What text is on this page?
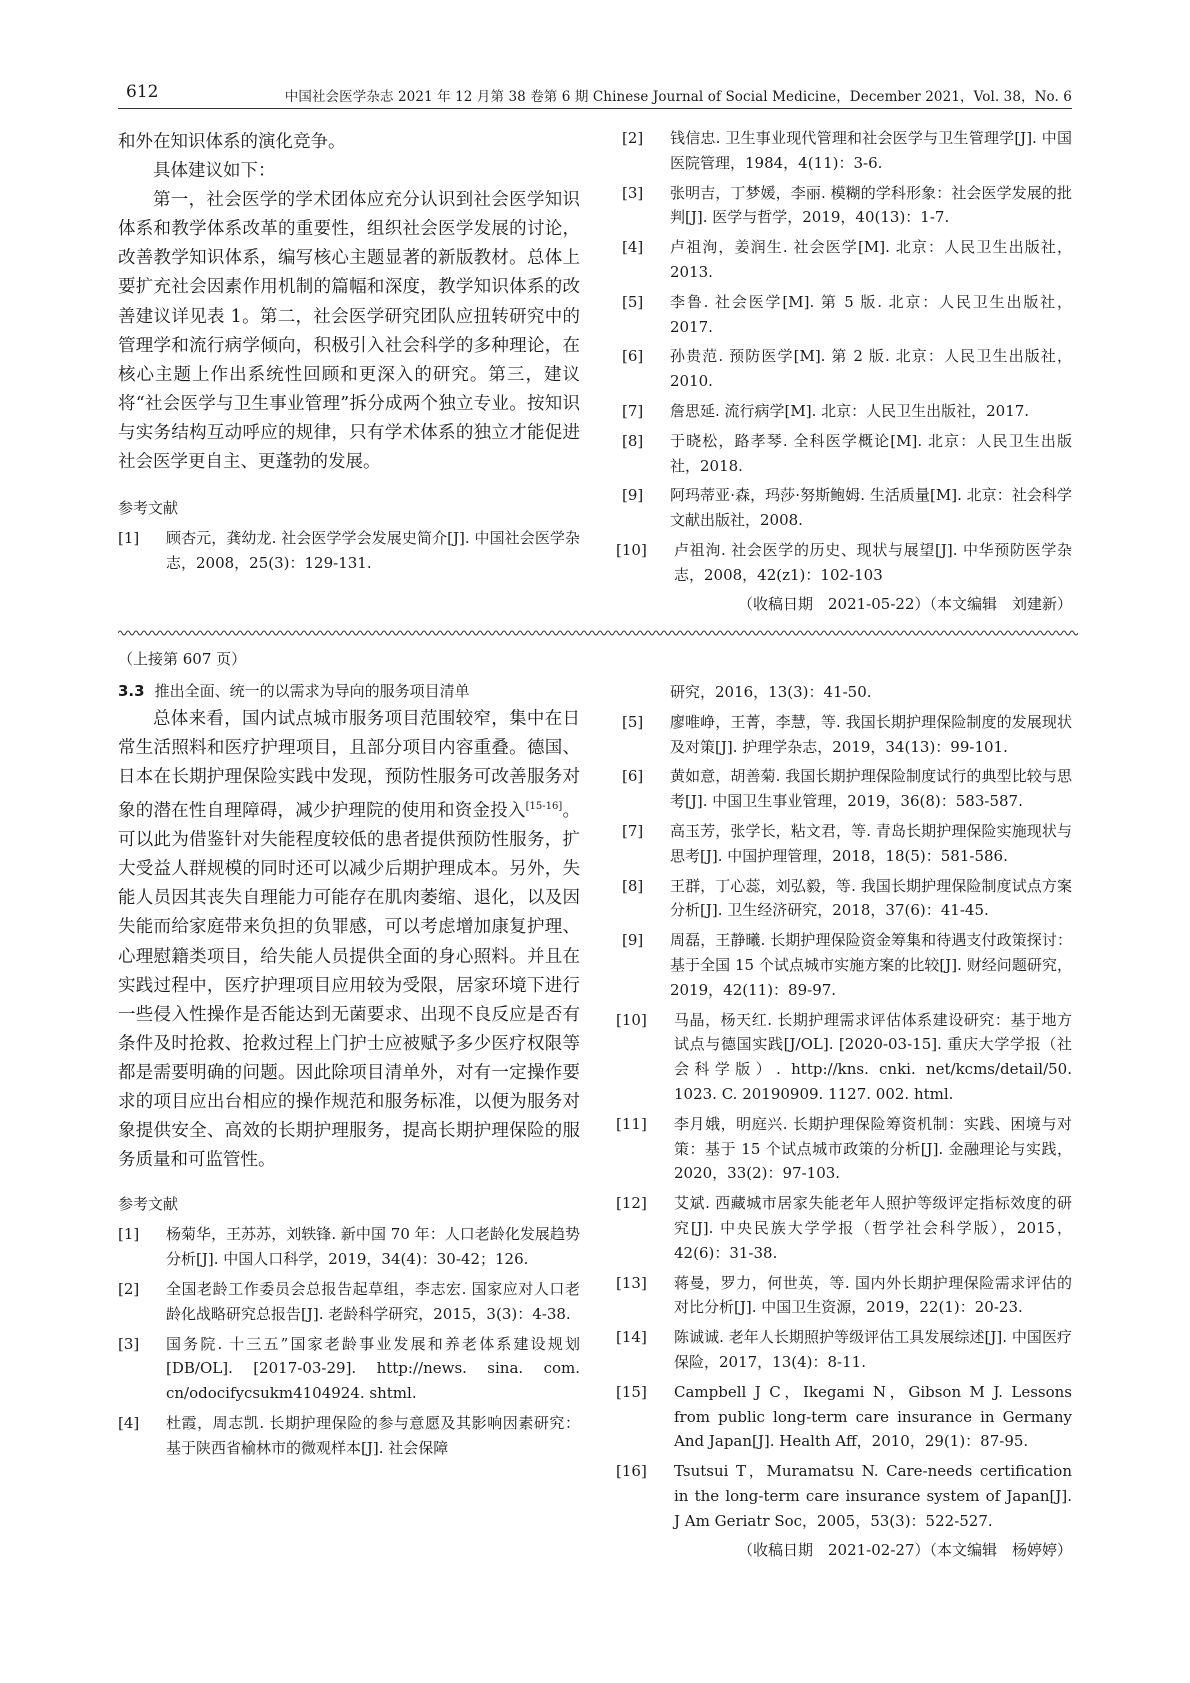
612	中国社会医学杂志 2021 年 12 月第 38 卷第 6 期 Chinese Journal of Social Medicine，December 2021，Vol. 38，No. 6

和外在知识体系的演化竞争。

具体建议如下：

第一，社会医学的学术团体应充分认识到社会医学知识体系和教学体系改革的重要性，组织社会医学发展的讨论，改善教学知识体系，编写核心主题显著的新版教材。总体上要扩充社会因素作用机制的篇幅和深度，教学知识体系的改善建议详见表 1。第二，社会医学研究团队应扭转研究中的管理学和流行病学倾向，积极引入社会科学的多种理论，在核心主题上作出系统性回顾和更深入的研究。第三，建议将“社会医学与卫生事业管理”拆分成两个独立专业。按知识与实务结构互动呼应的规律，只有学术体系的独立才能促进社会医学更自主、更蓬勃的发展。

参考文献

[1]	顾杏元，龚幼龙. 社会医学学会发展史简介[J]. 中国社会医学杂志，2008，25(3)：129-131.

[2]	钱信忠. 卫生事业现代管理和社会医学与卫生管理学[J]. 中国医院管理，1984，4(11)：3-6.

[3]	张明吉，丁梦媛，李丽. 模糊的学科形象：社会医学发展的批判[J]. 医学与哲学，2019，40(13)：1-7.

[4]	卢祖洵，姜润生. 社会医学[M]. 北京：人民卫生出版社，2013.

[5]	李鲁. 社会医学[M]. 第 5 版. 北京：人民卫生出版社，2017.

[6]	孙贵范. 预防医学[M]. 第 2 版. 北京：人民卫生出版社，2010.

[7]	詹思延. 流行病学[M]. 北京：人民卫生出版社，2017.

[8]	于晓松，路孝琴. 全科医学概论[M]. 北京：人民卫生出版社，2018.

[9]	阿玛蒂亚·森，玛莎·努斯鲍姆. 生活质量[M]. 北京：社会科学文献出版社，2008.

[10]	卢祖洵. 社会医学的历史、现状与展望[J]. 中华预防医学杂志，2008，42(z1)：102-103

（收稿日期　2021-05-22）（本文编辑　刘建新）
（上接第 607 页）
3.3 推出全面、统一的以需求为导向的服务项目清单

总体来看，国内试点城市服务项目范围较窄，集中在日常生活照料和医疗护理项目，且部分项目内容重叠。德国、日本在长期护理保险实践中发现，预防性服务可改善服务对象的潜在性自理障碍，减少护理院的使用和资金投入[15-16]。可以此为借鉴针对失能程度较低的患者提供预防性服务，扩大受益人群规模的同时还可以减少后期护理成本。另外，失能人员因其丧失自理能力可能存在肌肉萎缩、退化，以及因失能而给家庭带来负担的负罪感，可以考虑增加康复护理、心理慰籍类项目，给失能人员提供全面的身心照料。并且在实践过程中，医疗护理项目应用较为受限，居家环境下进行一些侵入性操作是否能达到无菌要求、出现不良反应是否有条件及时抢救、抢救过程上门护士应被赋予多少医疗权限等都是需要明确的问题。因此除项目清单外，对有一定操作要求的项目应出台相应的操作规范和服务标准，以便为服务对象提供安全、高效的长期护理服务，提高长期护理保险的服务质量和可监管性。

参考文献

[1]	杨菊华，王苏苏，刘轶锋. 新中国 70 年：人口老龄化发展趋势分析[J]. 中国人口科学，2019，34(4)：30-42；126.

[2]	全国老龄工作委员会总报告起草组，李志宏. 国家应对人口老龄化战略研究总报告[J]. 老龄科学研究，2015，3(3)：4-38.

[3]	国务院. 十三五”国家老龄事业发展和养老体系建设规划[DB/OL]. [2017-03-29]. http://news. sina. com. cn/odocifycsukm4104924. shtml.

[4]	杜霞，周志凯. 长期护理保险的参与意愿及其影响因素研究：基于陕西省榆林市的微观样本[J]. 社会保障

研究，2016，13(3)：41-50.

[5]	廖唯峥，王菁，李慧，等. 我国长期护理保险制度的发展现状及对策[J]. 护理学杂志，2019，34(13)：99-101.

[6]	黄如意，胡善菊. 我国长期护理保险制度试行的典型比较与思考[J]. 中国卫生事业管理，2019，36(8)：583-587.

[7]	高玉芳，张学长，粘文君，等. 青岛长期护理保险实施现状与思考[J]. 中国护理管理，2018，18(5)：581-586.

[8]	王群，丁心蕊，刘弘毅，等. 我国长期护理保险制度试点方案分析[J]. 卫生经济研究，2018，37(6)：41-45.

[9]	周磊，王静曦. 长期护理保险资金筹集和待遇支付政策探讨：基于全国 15 个试点城市实施方案的比较[J]. 财经问题研究，2019，42(11)：89-97.

[10]	马晶，杨天红. 长期护理需求评估体系建设研究：基于地方试点与德国实践[J/OL]. [2020-03-15]. 重庆大学学报（社会科学版）. http://kns. cnki. net/kcms/detail/50. 1023. C. 20190909. 1127. 002. html.

[11]	李月娥，明庭兴. 长期护理保险筹资机制：实践、困境与对策：基于 15 个试点城市政策的分析[J]. 金融理论与实践，2020，33(2)：97-103.

[12]	艾斌. 西藏城市居家失能老年人照护等级评定指标效度的研究[J]. 中央民族大学学报（哲学社会科学版），2015，42(6)：31-38.

[13]	蒋曼，罗力，何世英，等. 国内外长期护理保险需求评估的对比分析[J]. 中国卫生资源，2019，22(1)：20-23.

[14]	陈诚诚. 老年人长期照护等级评估工具发展综述[J]. 中国医疗保险，2017，13(4)：8-11.

[15]	Campbell J C，Ikegami N，Gibson M J. Lessons from public long-term care insurance in Germany And Japan[J]. Health Aff，2010，29(1)：87-95.

[16]	Tsutsui T，Muramatsu N. Care-needs certification in the long-term care insurance system of Japan[J]. J Am Geriatr Soc，2005，53(3)：522-527.

（收稿日期　2021-02-27）（本文编辑　杨婷婷）
